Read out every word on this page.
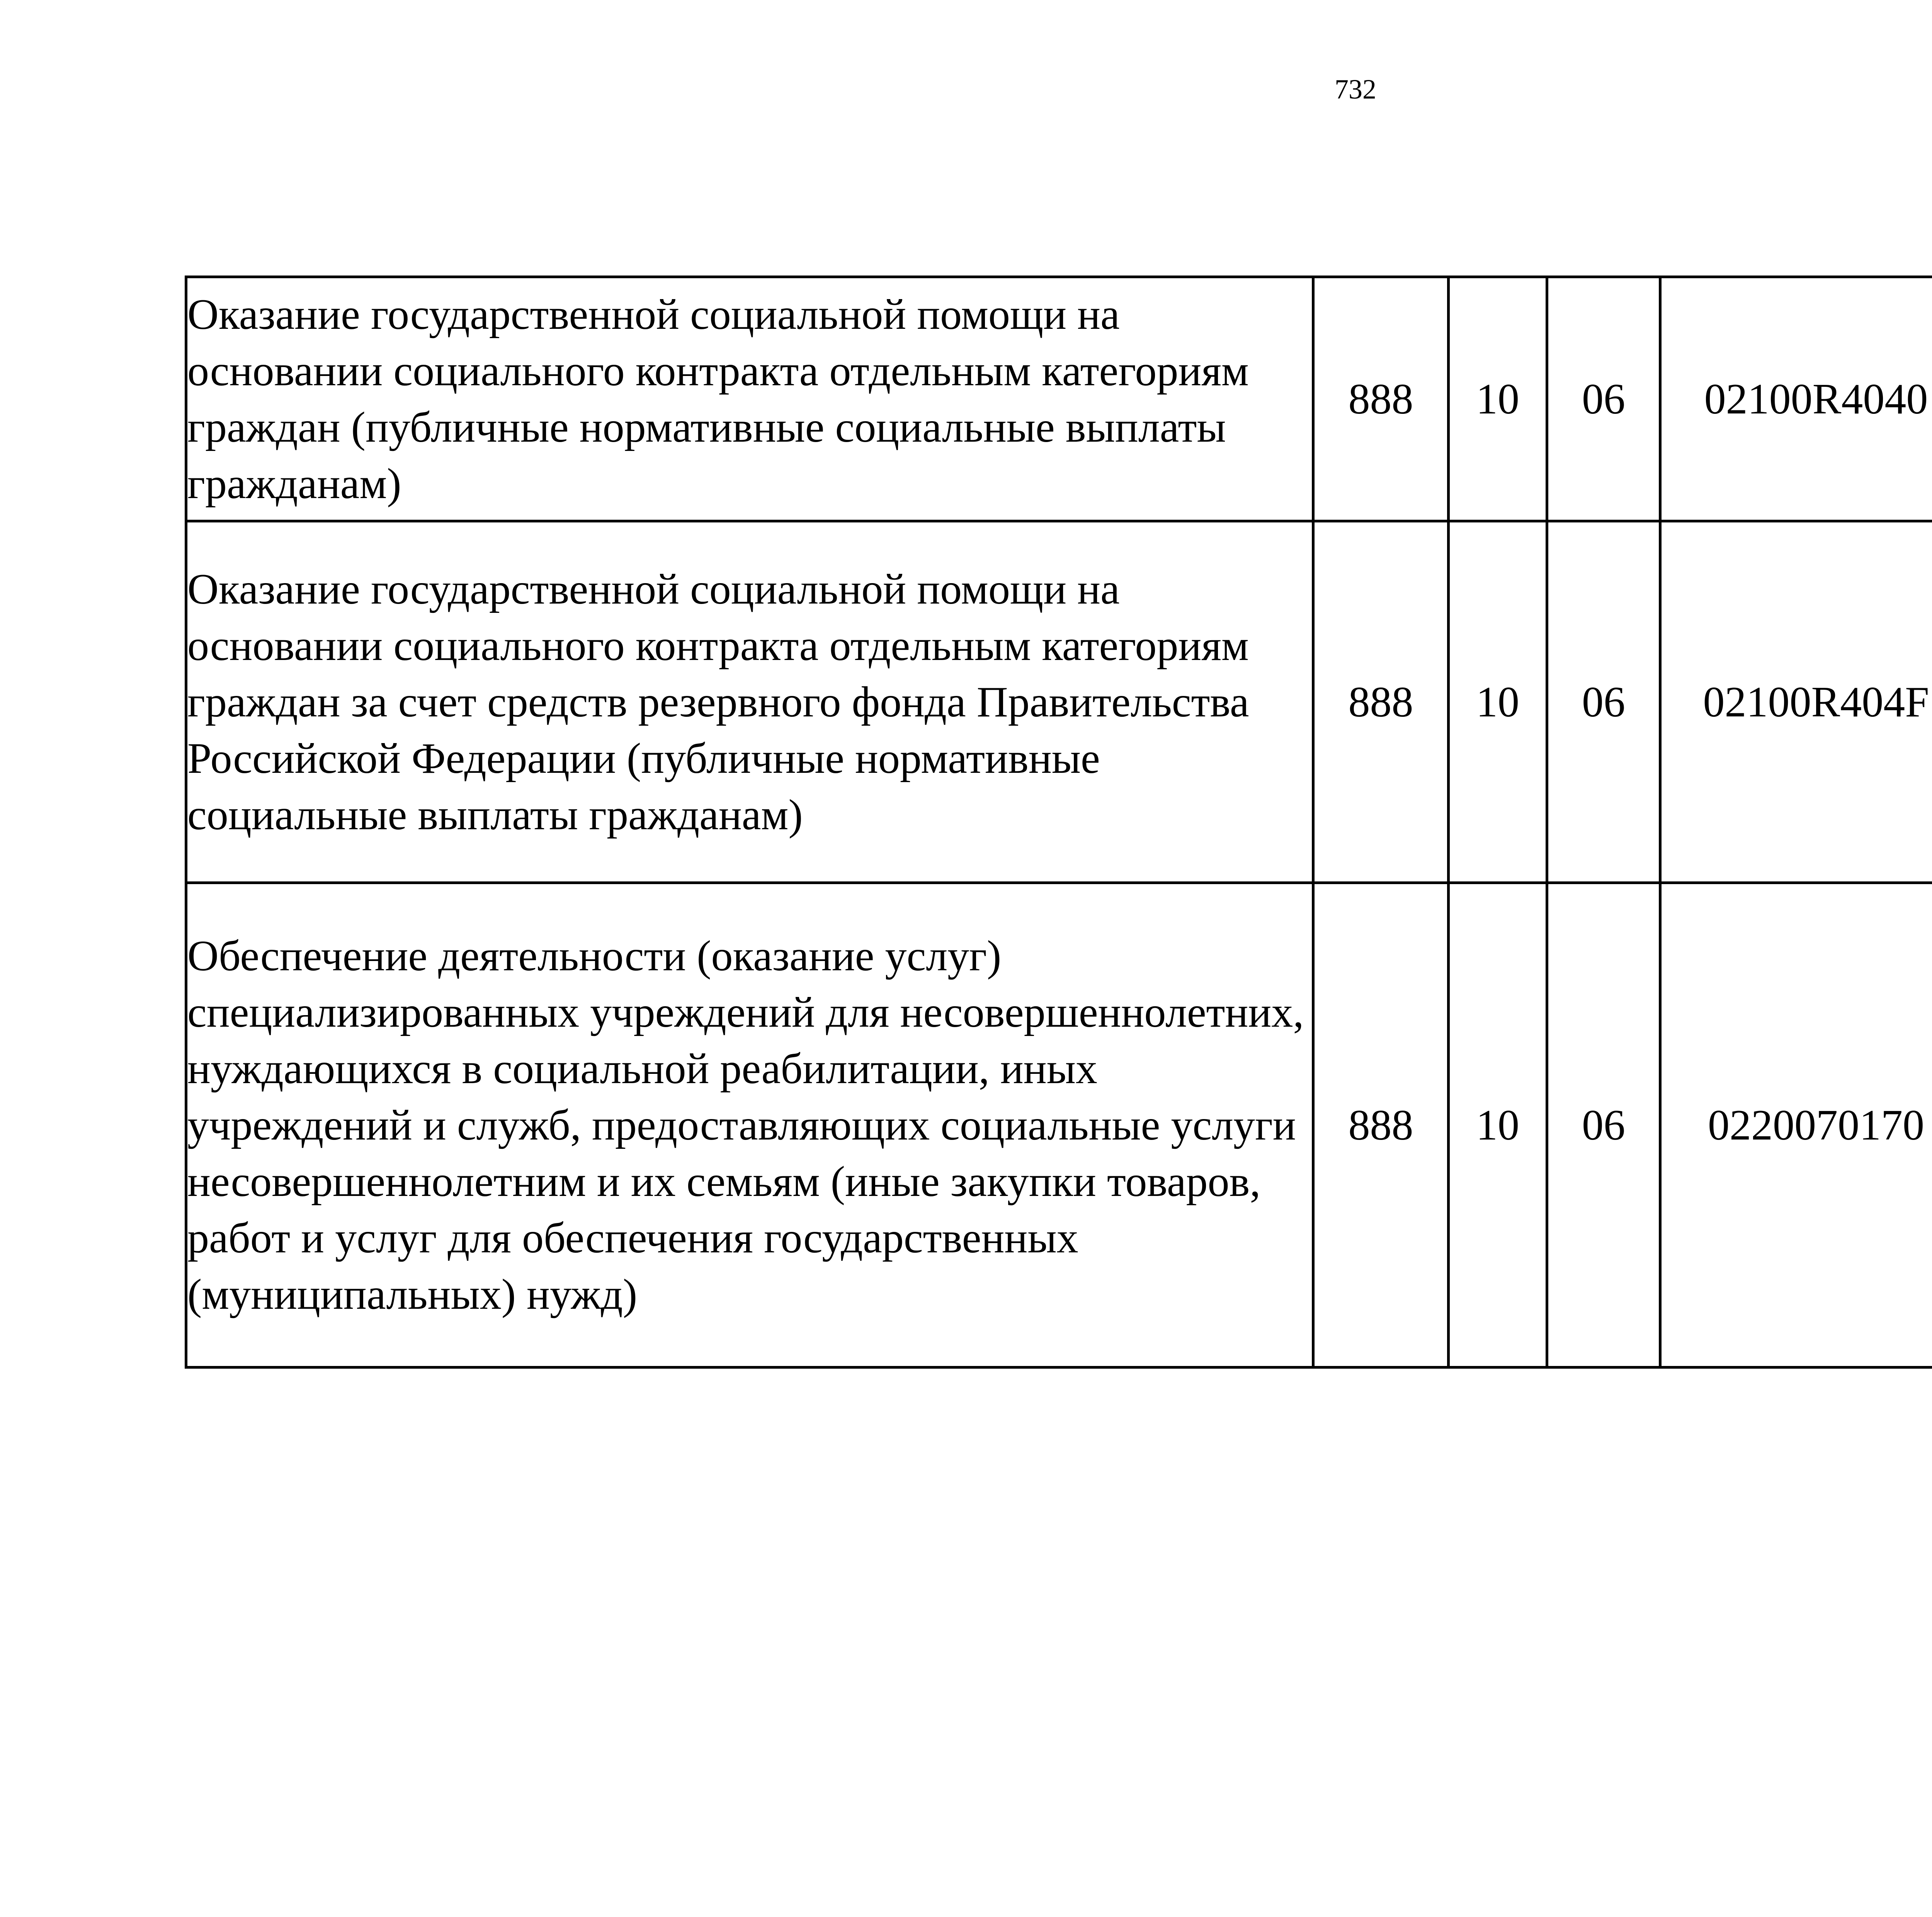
732
Оказание государственной социальной помощи на основании социального контракта отдельным категориям граждан (публичные нормативные социальные выплаты гражданам)	888	10	06	02100R4040		
Оказание государственной социальной помощи на основании социального контракта отдельным категориям граждан за счет средств резервного фонда Правительства Российской Федерации (публичные нормативные социальные выплаты гражданам)	888	10	06	02100R404F		
Обеспечение деятельности (оказание услуг) специализированных учреждений для несовершеннолетних, нуждающихся в социальной реабилитации, иных учреждений и служб, предоставляющих социальные услуги несовершеннолетним и их семьям (иные закупки товаров, работ и услуг для обеспечения государственных (муниципальных) нужд)	888	10	06	0220070170		
